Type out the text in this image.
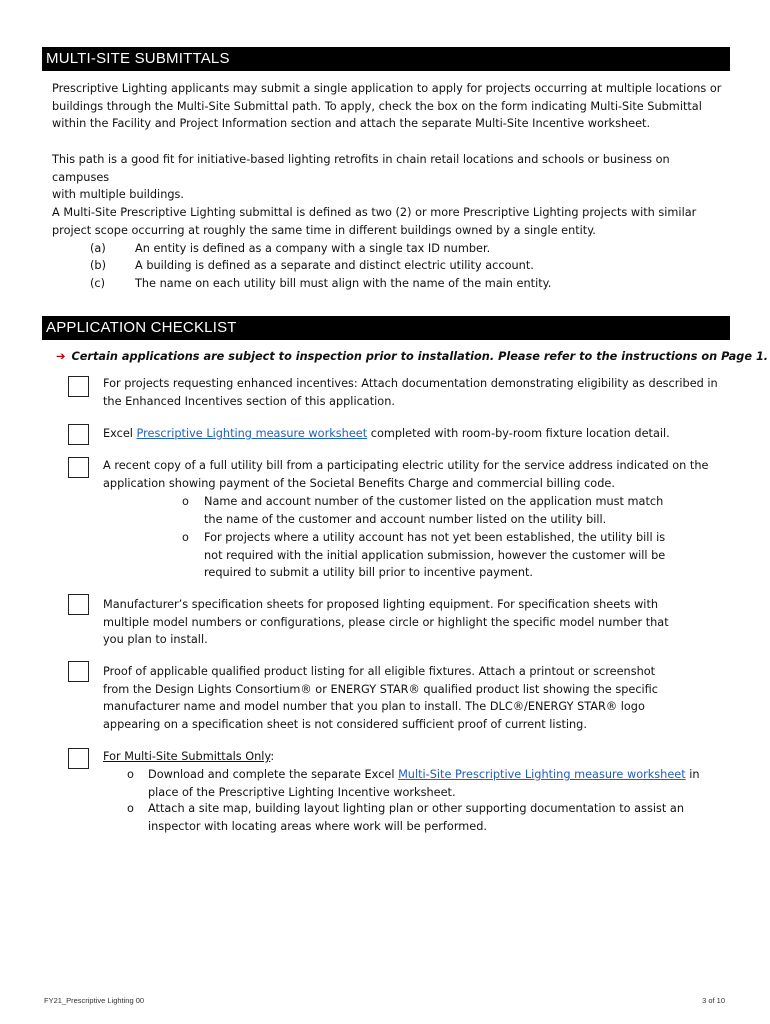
MULTI-SITE SUBMITTALS
Prescriptive Lighting applicants may submit a single application to apply for projects occurring at multiple locations or
buildings through the Multi-Site Submittal path. To apply, check the box on the form indicating Multi-Site Submittal
within the Facility and Project Information section and attach the separate Multi-Site Incentive worksheet.
This path is a good fit for initiative-based lighting retrofits in chain retail locations and schools or business on campuses
with multiple buildings.
A Multi-Site Prescriptive Lighting submittal is defined as two (2) or more Prescriptive Lighting projects with similar
project scope occurring at roughly the same time in different buildings owned by a single entity.
(a)	An entity is defined as a company with a single tax ID number.
(b)	A building is defined as a separate and distinct electric utility account.
(c)	The name on each utility bill must align with the name of the main entity.
APPLICATION CHECKLIST
➔ Certain applications are subject to inspection prior to installation. Please refer to the instructions on Page 1.
For projects requesting enhanced incentives: Attach documentation demonstrating eligibility as described in
the Enhanced Incentives section of this application.
Excel Prescriptive Lighting measure worksheet completed with room-by-room fixture location detail.
A recent copy of a full utility bill from a participating electric utility for the service address indicated on the
application showing payment of the Societal Benefits Charge and commercial billing code.
o Name and account number of the customer listed on the application must match
the name of the customer and account number listed on the utility bill.
o For projects where a utility account has not yet been established, the utility bill is
not required with the initial application submission, however the customer will be
required to submit a utility bill prior to incentive payment.
Manufacturer’s specification sheets for proposed lighting equipment. For specification sheets with
multiple model numbers or configurations, please circle or highlight the specific model number that
you plan to install.
Proof of applicable qualified product listing for all eligible fixtures. Attach a printout or screenshot
from the Design Lights Consortium® or ENERGY STAR® qualified product list showing the specific
manufacturer name and model number that you plan to install. The DLC®/ENERGY STAR® logo
appearing on a specification sheet is not considered sufficient proof of current listing.
For Multi-Site Submittals Only:
o Download and complete the separate Excel Multi-Site Prescriptive Lighting measure worksheet in
place of the Prescriptive Lighting Incentive worksheet.
o Attach a site map, building layout lighting plan or other supporting documentation to assist an
inspector with locating areas where work will be performed.
FY21_Prescriptive Lighting 00	3 of 10
